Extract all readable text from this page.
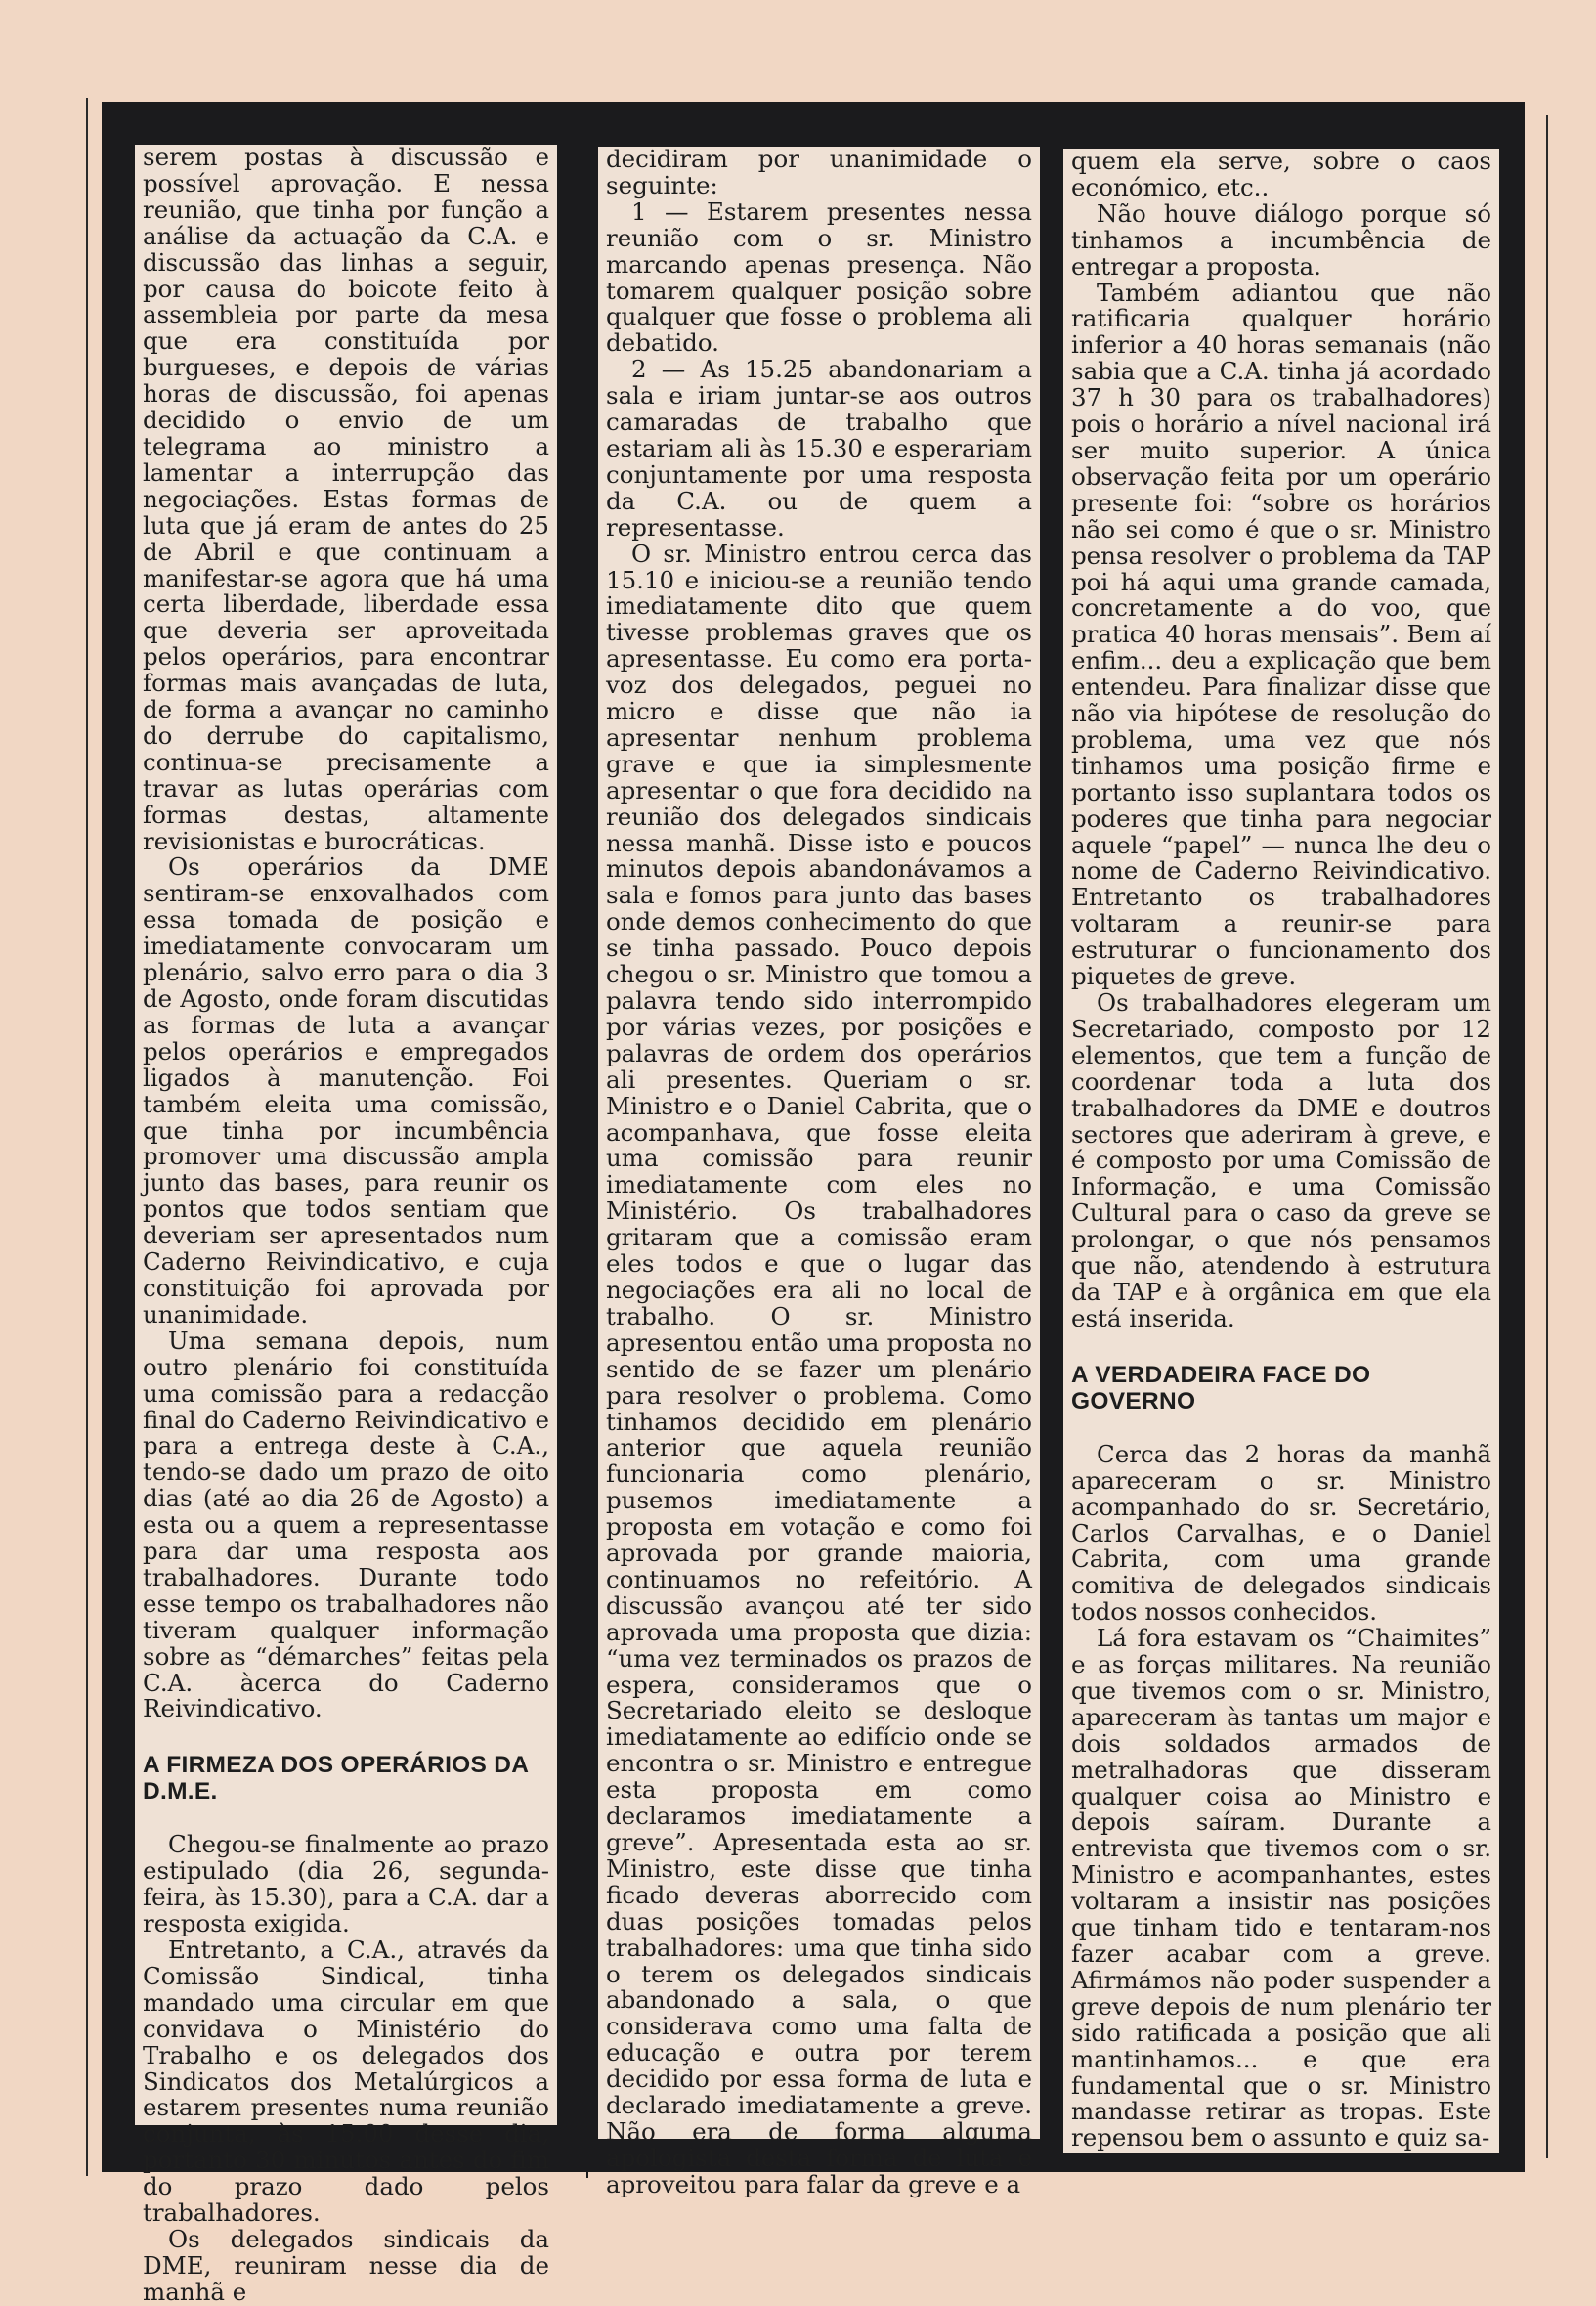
serem postas à discussão e possível aprovação. E nessa reunião, que tinha por função a análise da actuação da C.A. e discussão das linhas a seguir, por causa do boicote feito à assembleia por parte da mesa que era constituída por burgueses, e depois de várias horas de discussão, foi apenas decidido o envio de um telegrama ao ministro a lamentar a interrupção das negociações. Estas formas de luta que já eram de antes do 25 de Abril e que continuam a manifestar-se agora que há uma certa liberdade, liberdade essa que deveria ser aproveitada pelos operários, para encontrar formas mais avançadas de luta, de forma a avançar no caminho do derrube do capitalismo, continua-se precisamente a travar as lutas operárias com formas destas, altamente revisionistas e burocráticas.

Os operários da DME sentiram-se enxovalhados com essa tomada de posição e imediatamente convocaram um plenário, salvo erro para o dia 3 de Agosto, onde foram discutidas as formas de luta a avançar pelos operários e empregados ligados à manutenção. Foi também eleita uma comissão, que tinha por incumbência promover uma discussão ampla junto das bases, para reunir os pontos que todos sentiam que deveriam ser apresentados num Caderno Reivindicativo, e cuja constituição foi aprovada por unanimidade.

Uma semana depois, num outro plenário foi constituída uma comissão para a redacção final do Caderno Reivindicativo e para a entrega deste à C.A., tendo-se dado um prazo de oito dias (até ao dia 26 de Agosto) a esta ou a quem a representasse para dar uma resposta aos trabalhadores. Durante todo esse tempo os trabalhadores não tiveram qualquer informação sobre as “démarches” feitas pela C.A. àcerca do Caderno Reivindicativo.

A FIRMEZA DOS OPERÁRIOS DA D.M.E.

Chegou-se finalmente ao prazo estipulado (dia 26, segunda-feira, às 15.30), para a C.A. dar a resposta exigida.

Entretanto, a C.A., através da Comissão Sindical, tinha mandado uma circular em que convidava o Ministério do Trabalho e os delegados dos Sindicatos dos Metalúrgicos a estarem presentes numa reunião conjunta, às 15.00 desse dia, portanto 30 minutos antes do fim do prazo dado pelos trabalhadores.

Os delegados sindicais da DME, reuniram nesse dia de manhã e

decidiram por unanimidade o seguinte:

1 — Estarem presentes nessa reunião com o sr. Ministro marcando apenas presença. Não tomarem qualquer posição sobre qualquer que fosse o problema ali debatido.

2 — As 15.25 abandonariam a sala e iriam juntar-se aos outros camaradas de trabalho que estariam ali às 15.30 e esperariam conjuntamente por uma resposta da C.A. ou de quem a representasse.

O sr. Ministro entrou cerca das 15.10 e iniciou-se a reunião tendo imediatamente dito que quem tivesse problemas graves que os apresentasse. Eu como era porta-voz dos delegados, peguei no micro e disse que não ia apresentar nenhum problema grave e que ia simplesmente apresentar o que fora decidido na reunião dos delegados sindicais nessa manhã. Disse isto e poucos minutos depois abandonávamos a sala e fomos para junto das bases onde demos conhecimento do que se tinha passado. Pouco depois chegou o sr. Ministro que tomou a palavra tendo sido interrompido por várias vezes, por posições e palavras de ordem dos operários ali presentes. Queriam o sr. Ministro e o Daniel Cabrita, que o acompanhava, que fosse eleita uma comissão para reunir imediatamente com eles no Ministério. Os trabalhadores gritaram que a comissão eram eles todos e que o lugar das negociações era ali no local de trabalho. O sr. Ministro apresentou então uma proposta no sentido de se fazer um plenário para resolver o problema. Como tinhamos decidido em plenário anterior que aquela reunião funcionaria como plenário, pusemos imediatamente a proposta em votação e como foi aprovada por grande maioria, continuamos no refeitório. A discussão avançou até ter sido aprovada uma proposta que dizia: “uma vez terminados os prazos de espera, consideramos que o Secretariado eleito se desloque imediatamente ao edifício onde se encontra o sr. Ministro e entregue esta proposta em como declaramos imediatamente a greve”. Apresentada esta ao sr. Ministro, este disse que tinha ficado deveras aborrecido com duas posições tomadas pelos trabalhadores: uma que tinha sido o terem os delegados sindicais abandonado a sala, o que considerava como uma falta de educação e outra por terem decidido por essa forma de luta e declarado imediatamente a greve. Não era de forma alguma apologista desta forma de luta e aproveitou para falar da greve e a

quem ela serve, sobre o caos económico, etc..

Não houve diálogo porque só tinhamos a incumbência de entregar a proposta.

Também adiantou que não ratificaria qualquer horário inferior a 40 horas semanais (não sabia que a C.A. tinha já acordado 37 h 30 para os trabalhadores) pois o horário a nível nacional irá ser muito superior. A única observação feita por um operário presente foi: “sobre os horários não sei como é que o sr. Ministro pensa resolver o problema da TAP poi há aqui uma grande camada, concretamente a do voo, que pratica 40 horas mensais”. Bem aí enfim... deu a explicação que bem entendeu. Para finalizar disse que não via hipótese de resolução do problema, uma vez que nós tinhamos uma posição firme e portanto isso suplantara todos os poderes que tinha para negociar aquele “papel” — nunca lhe deu o nome de Caderno Reivindicativo. Entretanto os trabalhadores voltaram a reunir-se para estruturar o funcionamento dos piquetes de greve.

Os trabalhadores elegeram um Secretariado, composto por 12 elementos, que tem a função de coordenar toda a luta dos trabalhadores da DME e doutros sectores que aderiram à greve, e é composto por uma Comissão de Informação, e uma Comissão Cultural para o caso da greve se prolongar, o que nós pensamos que não, atendendo à estrutura da TAP e à orgânica em que ela está inserida.

A VERDADEIRA FACE DO GOVERNO

Cerca das 2 horas da manhã apareceram o sr. Ministro acompanhado do sr. Secretário, Carlos Carvalhas, e o Daniel Cabrita, com uma grande comitiva de delegados sindicais todos nossos conhecidos.

Lá fora estavam os “Chaimites” e as forças militares. Na reunião que tivemos com o sr. Ministro, apareceram às tantas um major e dois soldados armados de metralhadoras que disseram qualquer coisa ao Ministro e depois saíram. Durante a entrevista que tivemos com o sr. Ministro e acompanhantes, estes voltaram a insistir nas posições que tinham tido e tentaram-nos fazer acabar com a greve. Afirmámos não poder suspender a greve depois de num plenário ter sido ratificada a posição que ali mantinhamos... e que era fundamental que o sr. Ministro mandasse retirar as tropas. Este repensou bem o assunto e quiz sa-
